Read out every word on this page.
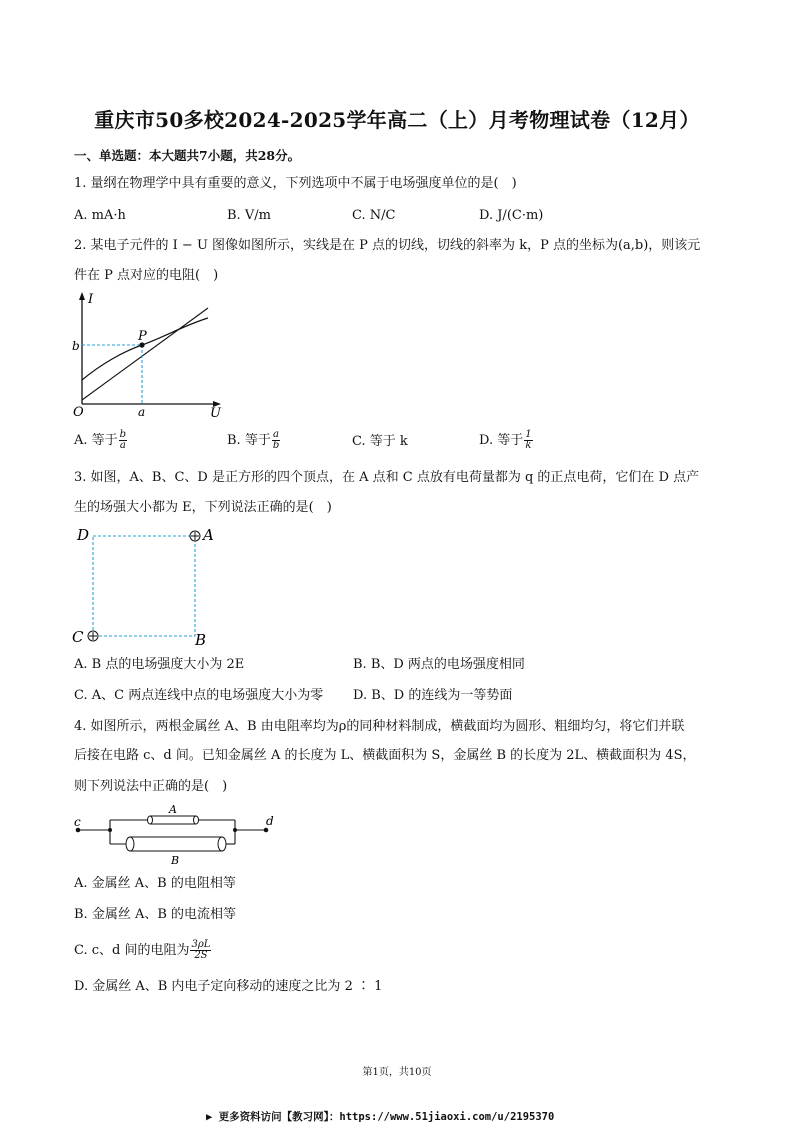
重庆市50多校2024-2025学年高二（上）月考物理试卷（12月）
一、单选题：本大题共7小题，共28分。
1. 量纲在物理学中具有重要的意义，下列选项中不属于电场强度单位的是(　)
A. mA·h	B. V/m	C. N/C	D. J/(C·m)
2. 某电子元件的 I − U 图像如图所示，实线是在 P 点的切线，切线的斜率为 k，P 点的坐标为(a,b)，则该元
件在 P 点对应的电阻(　)
I
U
O
P
a
b
A. 等于 $\frac{b}{a}$	B. 等于 $\frac{a}{b}$	C. 等于 k	D. 等于 $\frac{1}{k}$
3. 如图，A、B、C、D 是正方形的四个顶点，在 A 点和 C 点放有电荷量都为 q 的正点电荷，它们在 D 点产
生的场强大小都为 E，下列说法正确的是(　)
D	A
C	B
A. B 点的电场强度大小为 2E	B. B、D 两点的电场强度相同
C. A、C 两点连线中点的电场强度大小为零 D. B、D 的连线为一等势面
4. 如图所示，两根金属丝 A、B 由电阻率均为ρ的同种材料制成，横截面均为圆形、粗细均匀，将它们并联
后接在电路 c、d 间。已知金属丝 A 的长度为 L、横截面积为 S，金属丝 B 的长度为 2L、横截面积为 4S，
则下列说法中正确的是(　)
c	d
A
B
A. 金属丝 A、B 的电阻相等
B. 金属丝 A、B 的电流相等
C. c、d 间的电阻为 $\frac{3\rho L}{2S}$
D. 金属丝 A、B 内电子定向移动的速度之比为 2 ∶ 1
第1页，共10页
▶ 更多资料访问【教习网】：https://www.51jiaoxi.com/u/2195370
